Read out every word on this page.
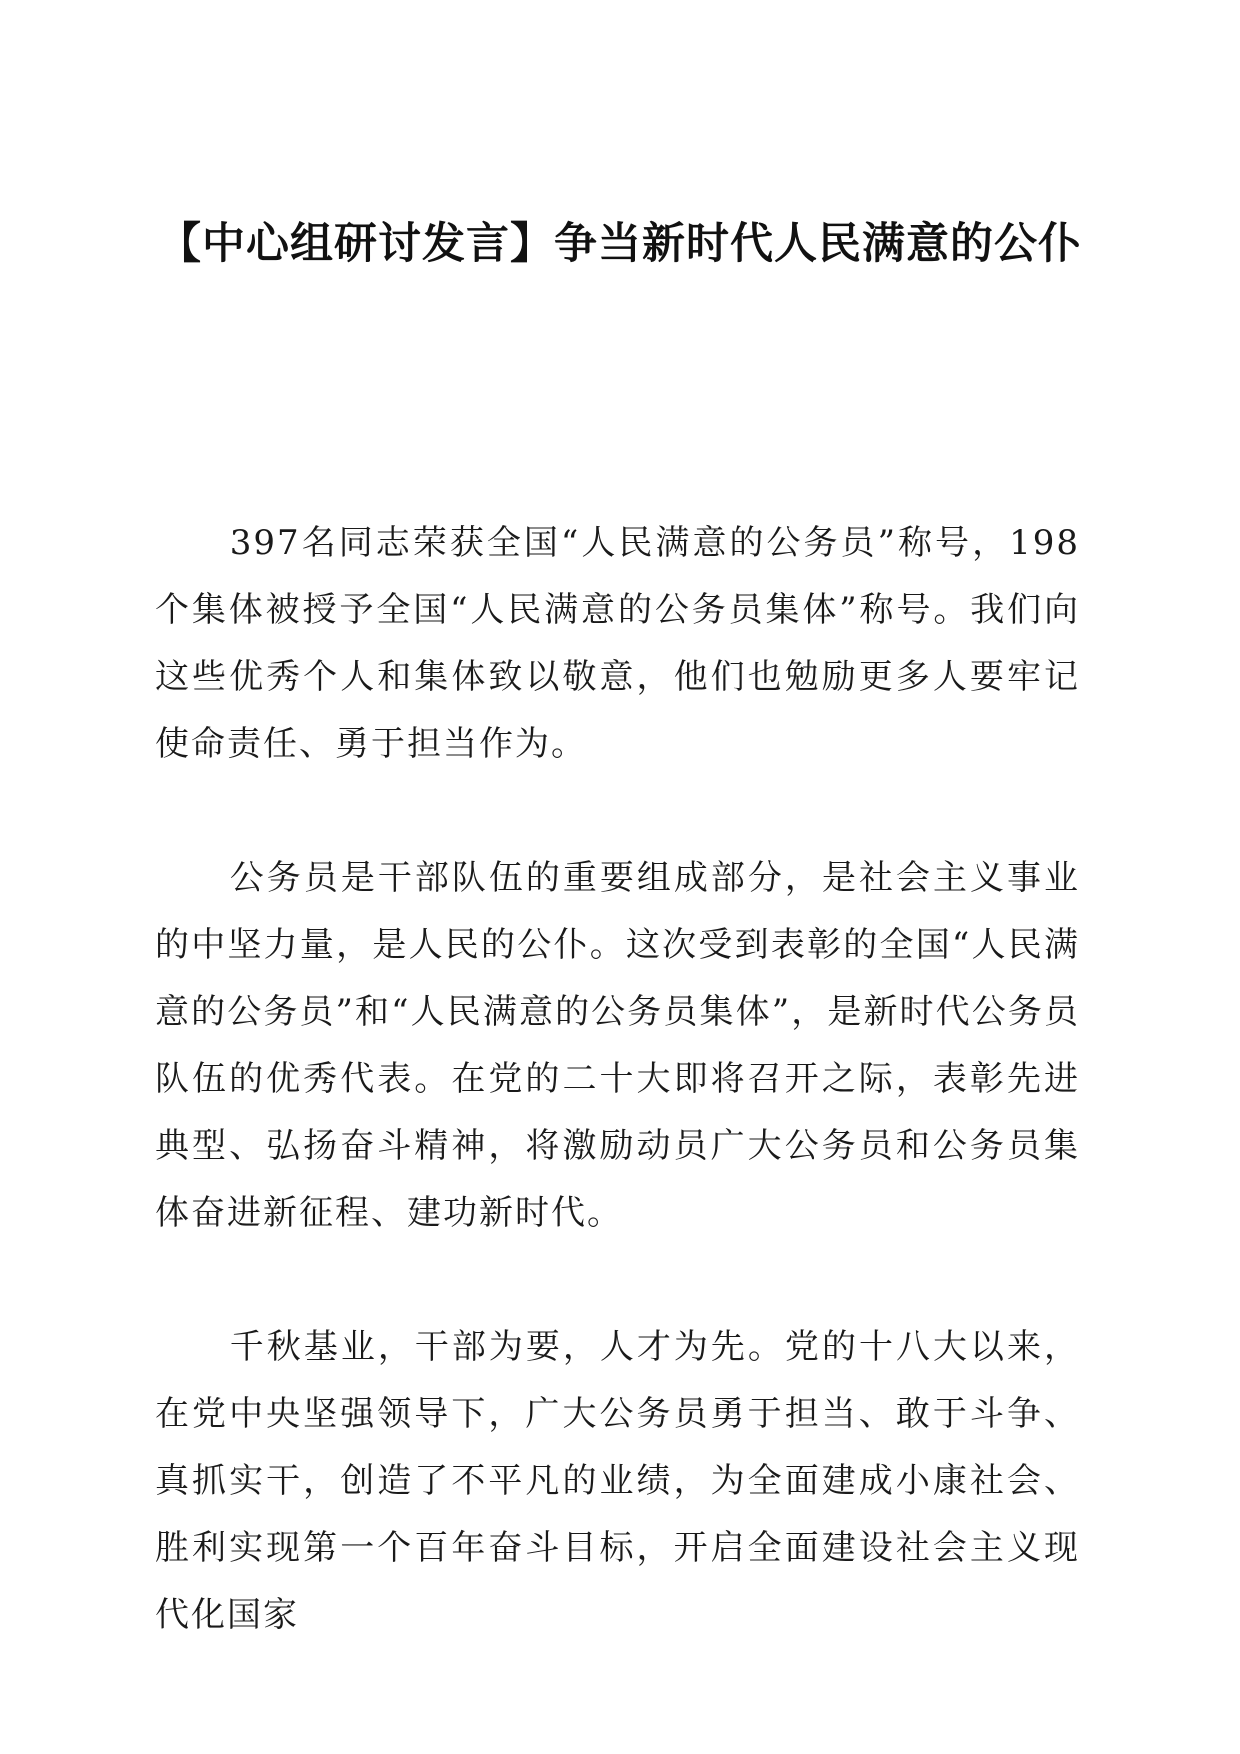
【中心组研讨发言】争当新时代人民满意的公仆

397名同志荣获全国“人民满意的公务员”称号，198个集体被授予全国“人民满意的公务员集体”称号。我们向这些优秀个人和集体致以敬意，他们也勉励更多人要牢记使命责任、勇于担当作为。

公务员是干部队伍的重要组成部分，是社会主义事业的中坚力量，是人民的公仆。这次受到表彰的全国“人民满意的公务员”和“人民满意的公务员集体”，是新时代公务员队伍的优秀代表。在党的二十大即将召开之际，表彰先进典型、弘扬奋斗精神，将激励动员广大公务员和公务员集体奋进新征程、建功新时代。

千秋基业，干部为要，人才为先。党的十八大以来，在党中央坚强领导下，广大公务员勇于担当、敢于斗争、真抓实干，创造了不平凡的业绩，为全面建成小康社会、胜利实现第一个百年奋斗目标，开启全面建设社会主义现代化国家
